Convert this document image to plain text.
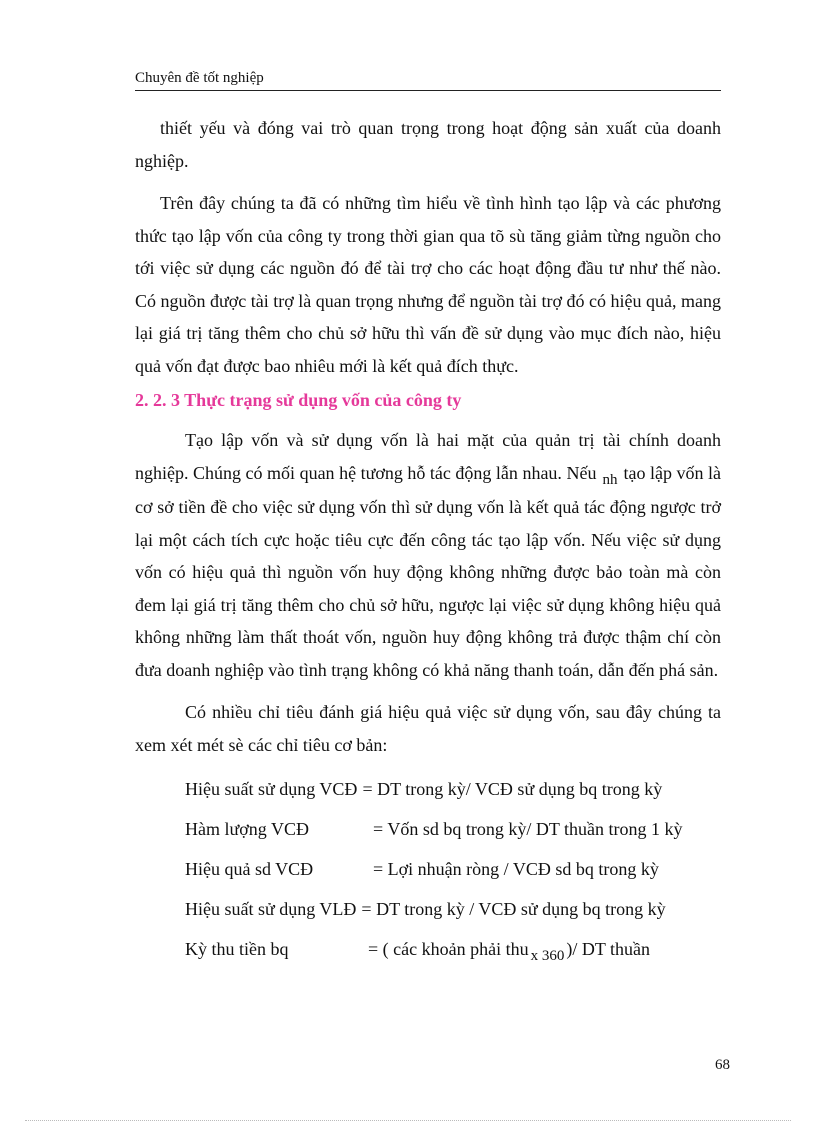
Chuyên đề tốt nghiệp

thiết yếu và đóng vai trò quan trọng trong hoạt động sản xuất của doanh nghiệp.

Trên đây chúng ta đã có những tìm hiểu về tình hình tạo lập và các phương thức tạo lập vốn của công ty trong thời gian qua tõ sù tăng giảm từng nguồn cho tới việc sử dụng các nguồn đó để tài trợ cho các hoạt động đầu tư như thế nào. Có nguồn được tài trợ là quan trọng nhưng để nguồn tài trợ đó có hiệu quả, mang lại giá trị tăng thêm cho chủ sở hữu thì vấn đề sử dụng vào mục đích nào, hiệu quả vốn đạt được bao nhiêu mới là kết quả đích thực.

2. 2. 3 Thực trạng sử dụng vốn của công ty

Tạo lập vốn và sử dụng vốn là hai mặt của quản trị tài chính doanh nghiệp. Chúng có mối quan hệ tương hỗ tác động lẫn nhau. Nếu $_{nh}$ tạo lập vốn là cơ sở tiền đề cho việc sử dụng vốn thì sử dụng vốn là kết quả tác động ngược trở lại một cách tích cực hoặc tiêu cực đến công tác tạo lập vốn. Nếu việc sử dụng vốn có hiệu quả thì nguồn vốn huy động không những được bảo toàn mà còn đem lại giá trị tăng thêm cho chủ sở hữu, ngược lại việc sử dụng không hiệu quả không những làm thất thoát vốn, nguồn huy động không trả được thậm chí còn đưa doanh nghiệp vào tình trạng không có khả năng thanh toán, dẫn đến phá sản.

Có nhiều chỉ tiêu đánh giá hiệu quả việc sử dụng vốn, sau đây chúng ta xem xét mét sè các chỉ tiêu cơ bản:

Hiệu suất sử dụng VCĐ = DT trong kỳ/ VCĐ sử dụng bq trong kỳ
Hàm lượng VCĐ	= Vốn sd bq trong kỳ/ DT thuần trong 1 kỳ
Hiệu quả sd VCĐ	= Lợi nhuận ròng / VCĐ sd bq trong kỳ
Hiệu suất sử dụng VLĐ = DT trong kỳ / VCĐ sử dụng bq trong kỳ
Kỳ thu tiền bq	= ( các khoản phải thu $_{x 360}$ )/ DT thuần
68
